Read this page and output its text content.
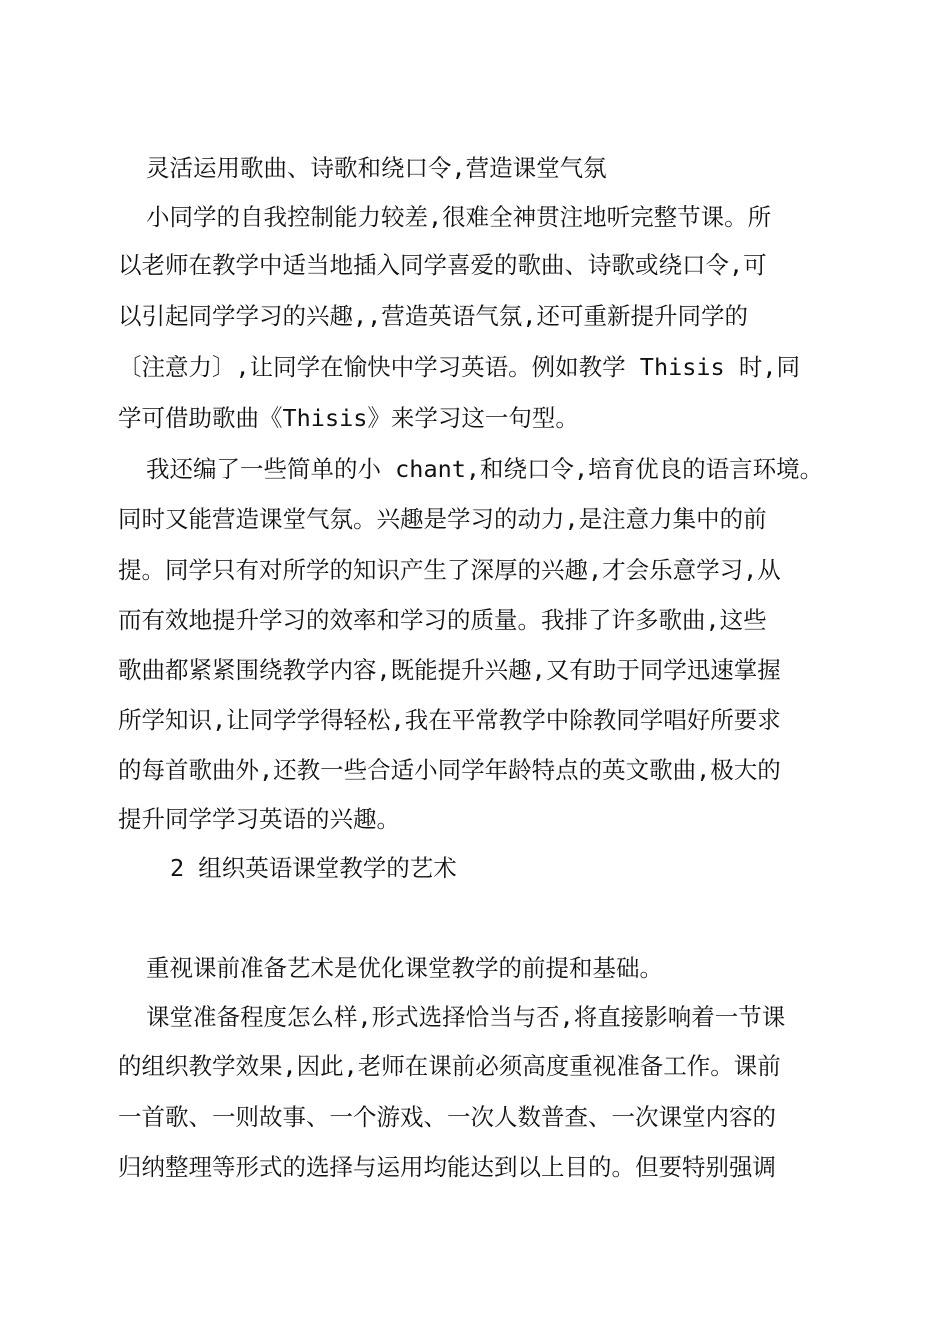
灵活运用歌曲、诗歌和绕口令,营造课堂气氛
小同学的自我控制能力较差,很难全神贯注地听完整节课。所
以老师在教学中适当地插入同学喜爱的歌曲、诗歌或绕口令,可
以引起同学学习的兴趣,,营造英语气氛,还可重新提升同学的
〔注意力〕,让同学在愉快中学习英语。例如教学 Thisis 时,同
学可借助歌曲《Thisis》来学习这一句型。
我还编了一些简单的小 chant,和绕口令,培育优良的语言环境。
同时又能营造课堂气氛。兴趣是学习的动力,是注意力集中的前
提。同学只有对所学的知识产生了深厚的兴趣,才会乐意学习,从
而有效地提升学习的效率和学习的质量。我排了许多歌曲,这些
歌曲都紧紧围绕教学内容,既能提升兴趣,又有助于同学迅速掌握
所学知识,让同学学得轻松,我在平常教学中除教同学唱好所要求
的每首歌曲外,还教一些合适小同学年龄特点的英文歌曲,极大的
提升同学学习英语的兴趣。
2 组织英语课堂教学的艺术
重视课前准备艺术是优化课堂教学的前提和基础。
课堂准备程度怎么样,形式选择恰当与否,将直接影响着一节课
的组织教学效果,因此,老师在课前必须高度重视准备工作。课前
一首歌、一则故事、一个游戏、一次人数普查、一次课堂内容的
归纳整理等形式的选择与运用均能达到以上目的。但要特别强调
